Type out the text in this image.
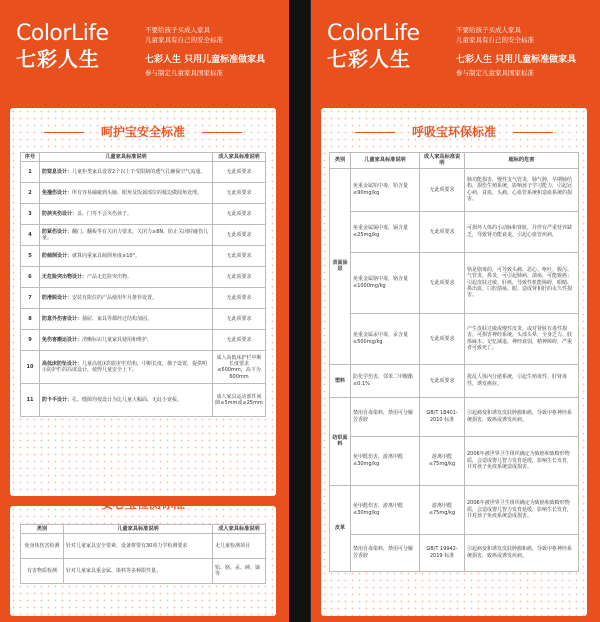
ColorLife
七彩人生
不要给孩子买成人家具
儿童家具有自己的安全标准
七彩人生 只用儿童标准做家具
参与制定儿童家具国家标准
呵护宝安全标准
序号	儿童家具标准说明	成人家具标准说明
1	防窒息设计：儿童柜类家具设置2个以上不受限制的透气孔确保空气流通。	无此项要求
2	免撞伤设计：所有容易磕碰到头脑、眼角及饭颈部位的棱边做圆角处理。	无此项要求
3	防挟夹伤设计：盖、门等不会夹伤孩子。	无此项要求
4	防紧伤设计：翻门、翻板等有关闭力要求，关闭力≥8N，防止关闭时碰伤儿童。	无此项要求
5	防倾倒设计：就算向重家具倾倒角度≥10°。	无此项要求
6	无危险突出物设计：产品无危险突出物。	无此项要求
7	防滑脱设计：安装有限位的产品使用年月推荐设置。	无此项要求
8	防意外伤害设计：抽屉、家具等都经过结构加固。	无此项要求
9	免伤害搬运设计：清晰标识儿童家具使用和维护。	无此项要求
10	高低床防坠设计：儿童高低床的防护栏结构，中断长度，梯子设置，提供明示防护栏的高度设计，使得儿童安全上下。	成人高低床护栏中断长度要求≤500mm，高下为600mm
11	防卡手设计：孔、缝隙均按设计为比儿童大幅面，无此小宽板。	成人家具运动部件间隙≤5mm或≥25mm
安心宝检测标准
类别	儿童家具标准说明	成人家具标准说明
免身体伤害检测	针对儿童家具安全要素，设备将要有30项力学检测要求	无儿童检测项目
有害物质检测	针对儿童家具重金属、染料等多种限性量。	铅、铬、汞、砷、锑等
ColorLife
七彩人生
不要给孩子买成人家具
儿童家具有自己的安全标准
七彩人生 只用儿童标准做家具
参与制定儿童家具国家标准
呼吸宝环保标准
类别	儿童家具标准说明	成人家具标准说明	超标的危害
表面涂层	免重金属铅中毒，铅含量≤90mg/kg	无此项要求	肺功能损害，慢性支气管炎，肺气肿，早期肺结构，损伤生殖系统，影响孩子学习能力，引起冠心病，贫血，头痛，心血管系统和造血系统的损害。
	免重金属镉中毒，镉含量≤25mg/kg	无此项要求	可损坏人体的小动脉和肾脏，并伴有严重营养缺乏，导致肾功能衰退，引起心血管疾病。
	免重金属铬中毒，铬含量≤1000mg/kg	无此项要求	铬是剧毒的，可导致头痛、恶心、呕吐、腹泻、气管炎、鼻炎，可引起肺病、溃疡，可能致癌；引起皮肤过敏、肝癌，导致性机能障碍，眼睛、鼻出血，口腔溃疡、眼、造成肾和肝的永久性损害。
	免重金属汞中毒，汞含量≤500mg/kg	无此项要求	产生皮肤过敏或慢性皮炎，或对肾脏有毒性损害，可损害神经系统，头部头晕，全身乏力、肢体麻木、记忆减退、神经衰弱，精神障碍，严重者可致死亡。
塑料	防化学伤害，邻苯二甲酸酯≤0.1%	无此项要求	扰乱人体内分泌系统，引起生殖毒性、肝肾毒性，诱发癌症。
纺织面料	禁用有毒染料，禁用可分解芳香胺	GB/T 18401-2010 标准	引起痛变和诱发皮肤肿瘤和癌，导致中枢神经系统损害，致癌或诱发疾病。
	免甲醛伤害，游离甲醛≤30mg/kg	游离甲醛≤75mg/kg	2006年被世界卫生组织确定为致癌和致畸形物质，会造成婴儿智力发育延缓，影响生长发育，并对孩子免疫系统造成损害。
皮革	免甲醛伤害，游离甲醛≤30mg/kg	游离甲醛≤75mg/kg	2006年被世界卫生组织确定为致癌和致畸形物质，会造成婴儿智力发育延缓，影响生长发育，并对孩子免疫系统造成损害。
	禁用有毒染料，禁用可分解芳香胺	GB/T 19942-2019 标准	引起病变和诱发皮肤肿瘤和癌，导致中枢神经系统损害，致癌或诱发疾病。
